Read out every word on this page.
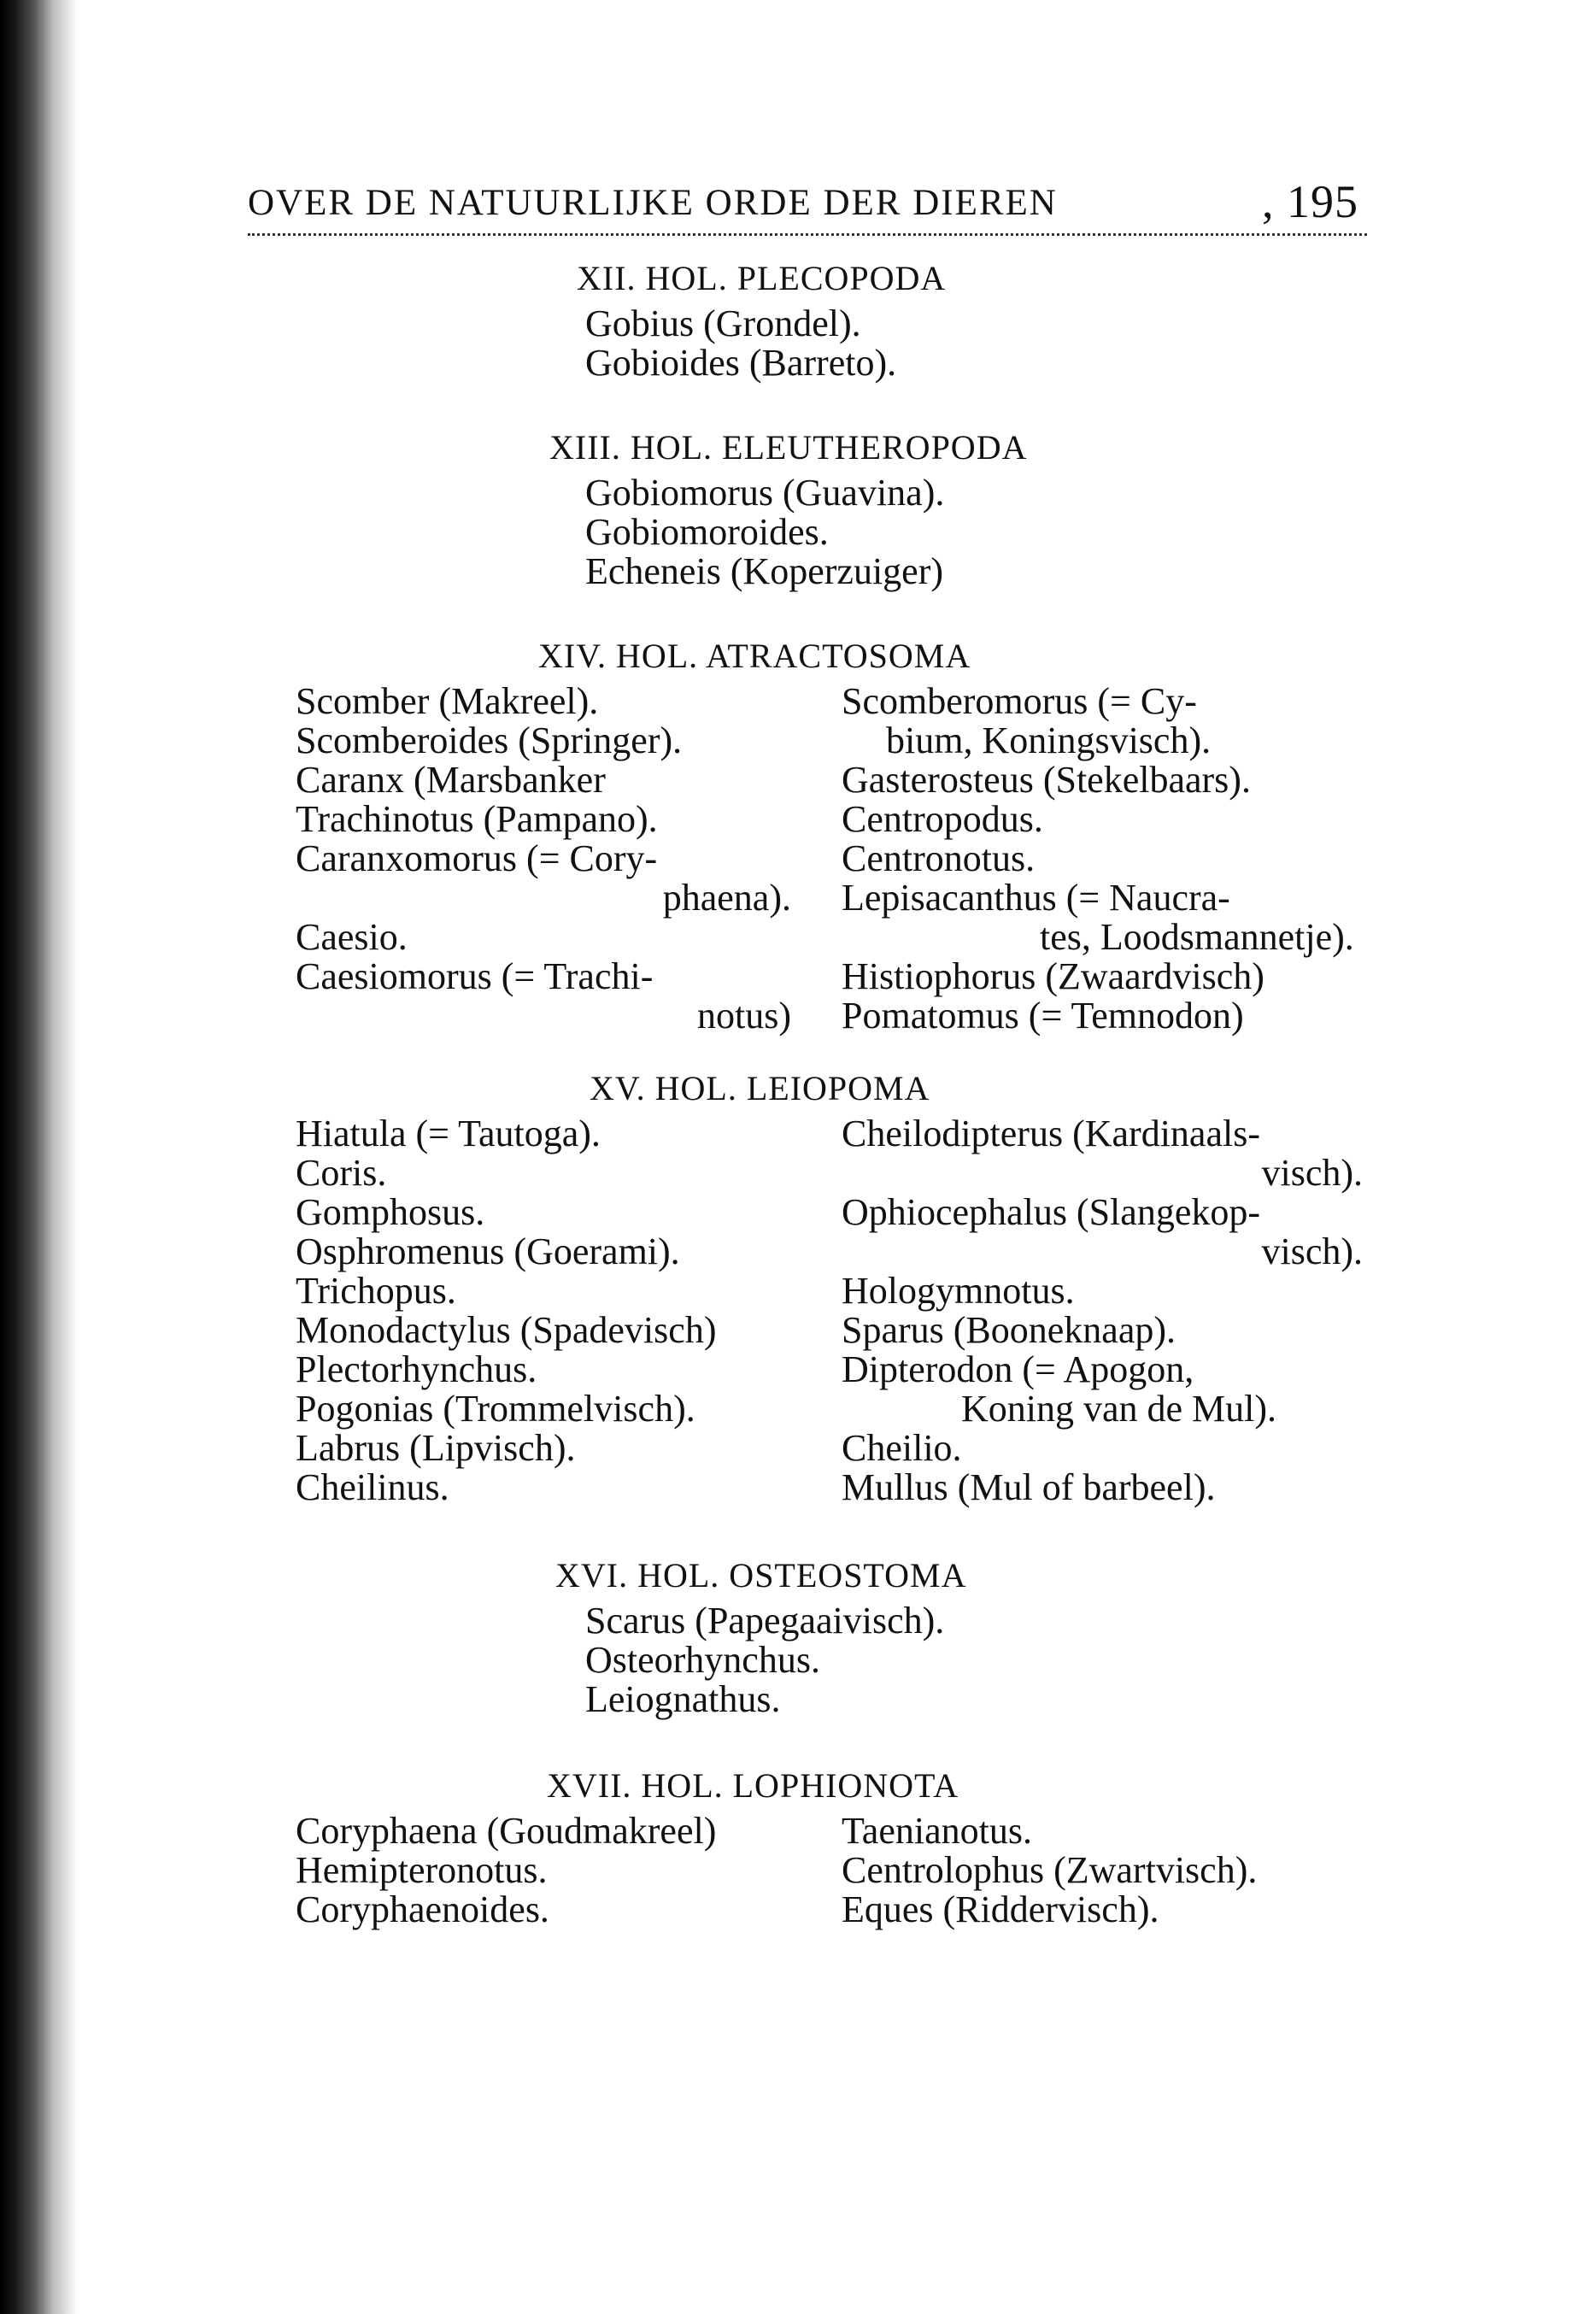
OVER DE NATUURLIJKE ORDE DER DIEREN	, 195
XII. HOL. PLECOPODA
Gobius (Grondel).
Gobioides (Barreto).
XIII. HOL. ELEUTHEROPODA
Gobiomorus (Guavina).
Gobiomoroides.
Echeneis (Koperzuiger)
XIV. HOL. ATRACTOSOMA
Scomber (Makreel).
Scomberoides (Springer).
Caranx (Marsbanker
Trachinotus (Pampano).
Caranxomorus (= Cory-
phaena).
Caesio.
Caesiomorus (= Trachi-
notus)
Scomberomorus (= Cy-
bium, Koningsvisch).
Gasterosteus (Stekelbaars).
Centropodus.
Centronotus.
Lepisacanthus (= Naucra-
tes, Loodsmannetje).
Histiophorus (Zwaardvisch)
Pomatomus (= Temnodon)
XV. HOL. LEIOPOMA
Hiatula (= Tautoga).
Coris.
Gomphosus.
Osphromenus (Goerami).
Trichopus.
Monodactylus (Spadevisch)
Plectorhynchus.
Pogonias (Trommelvisch).
Labrus (Lipvisch).
Cheilinus.
Cheilodipterus (Kardinaals-
visch).
Ophiocephalus (Slangekop-
visch).
Hologymnotus.
Sparus (Booneknaap).
Dipterodon (= Apogon,
Koning van de Mul).
Cheilio.
Mullus (Mul of barbeel).
XVI. HOL. OSTEOSTOMA
Scarus (Papegaaivisch).
Osteorhynchus.
Leiognathus.
XVII. HOL. LOPHIONOTA
Coryphaena (Goudmakreel)
Hemipteronotus.
Coryphaenoides.
Taenianotus.
Centrolophus (Zwartvisch).
Eques (Riddervisch).
